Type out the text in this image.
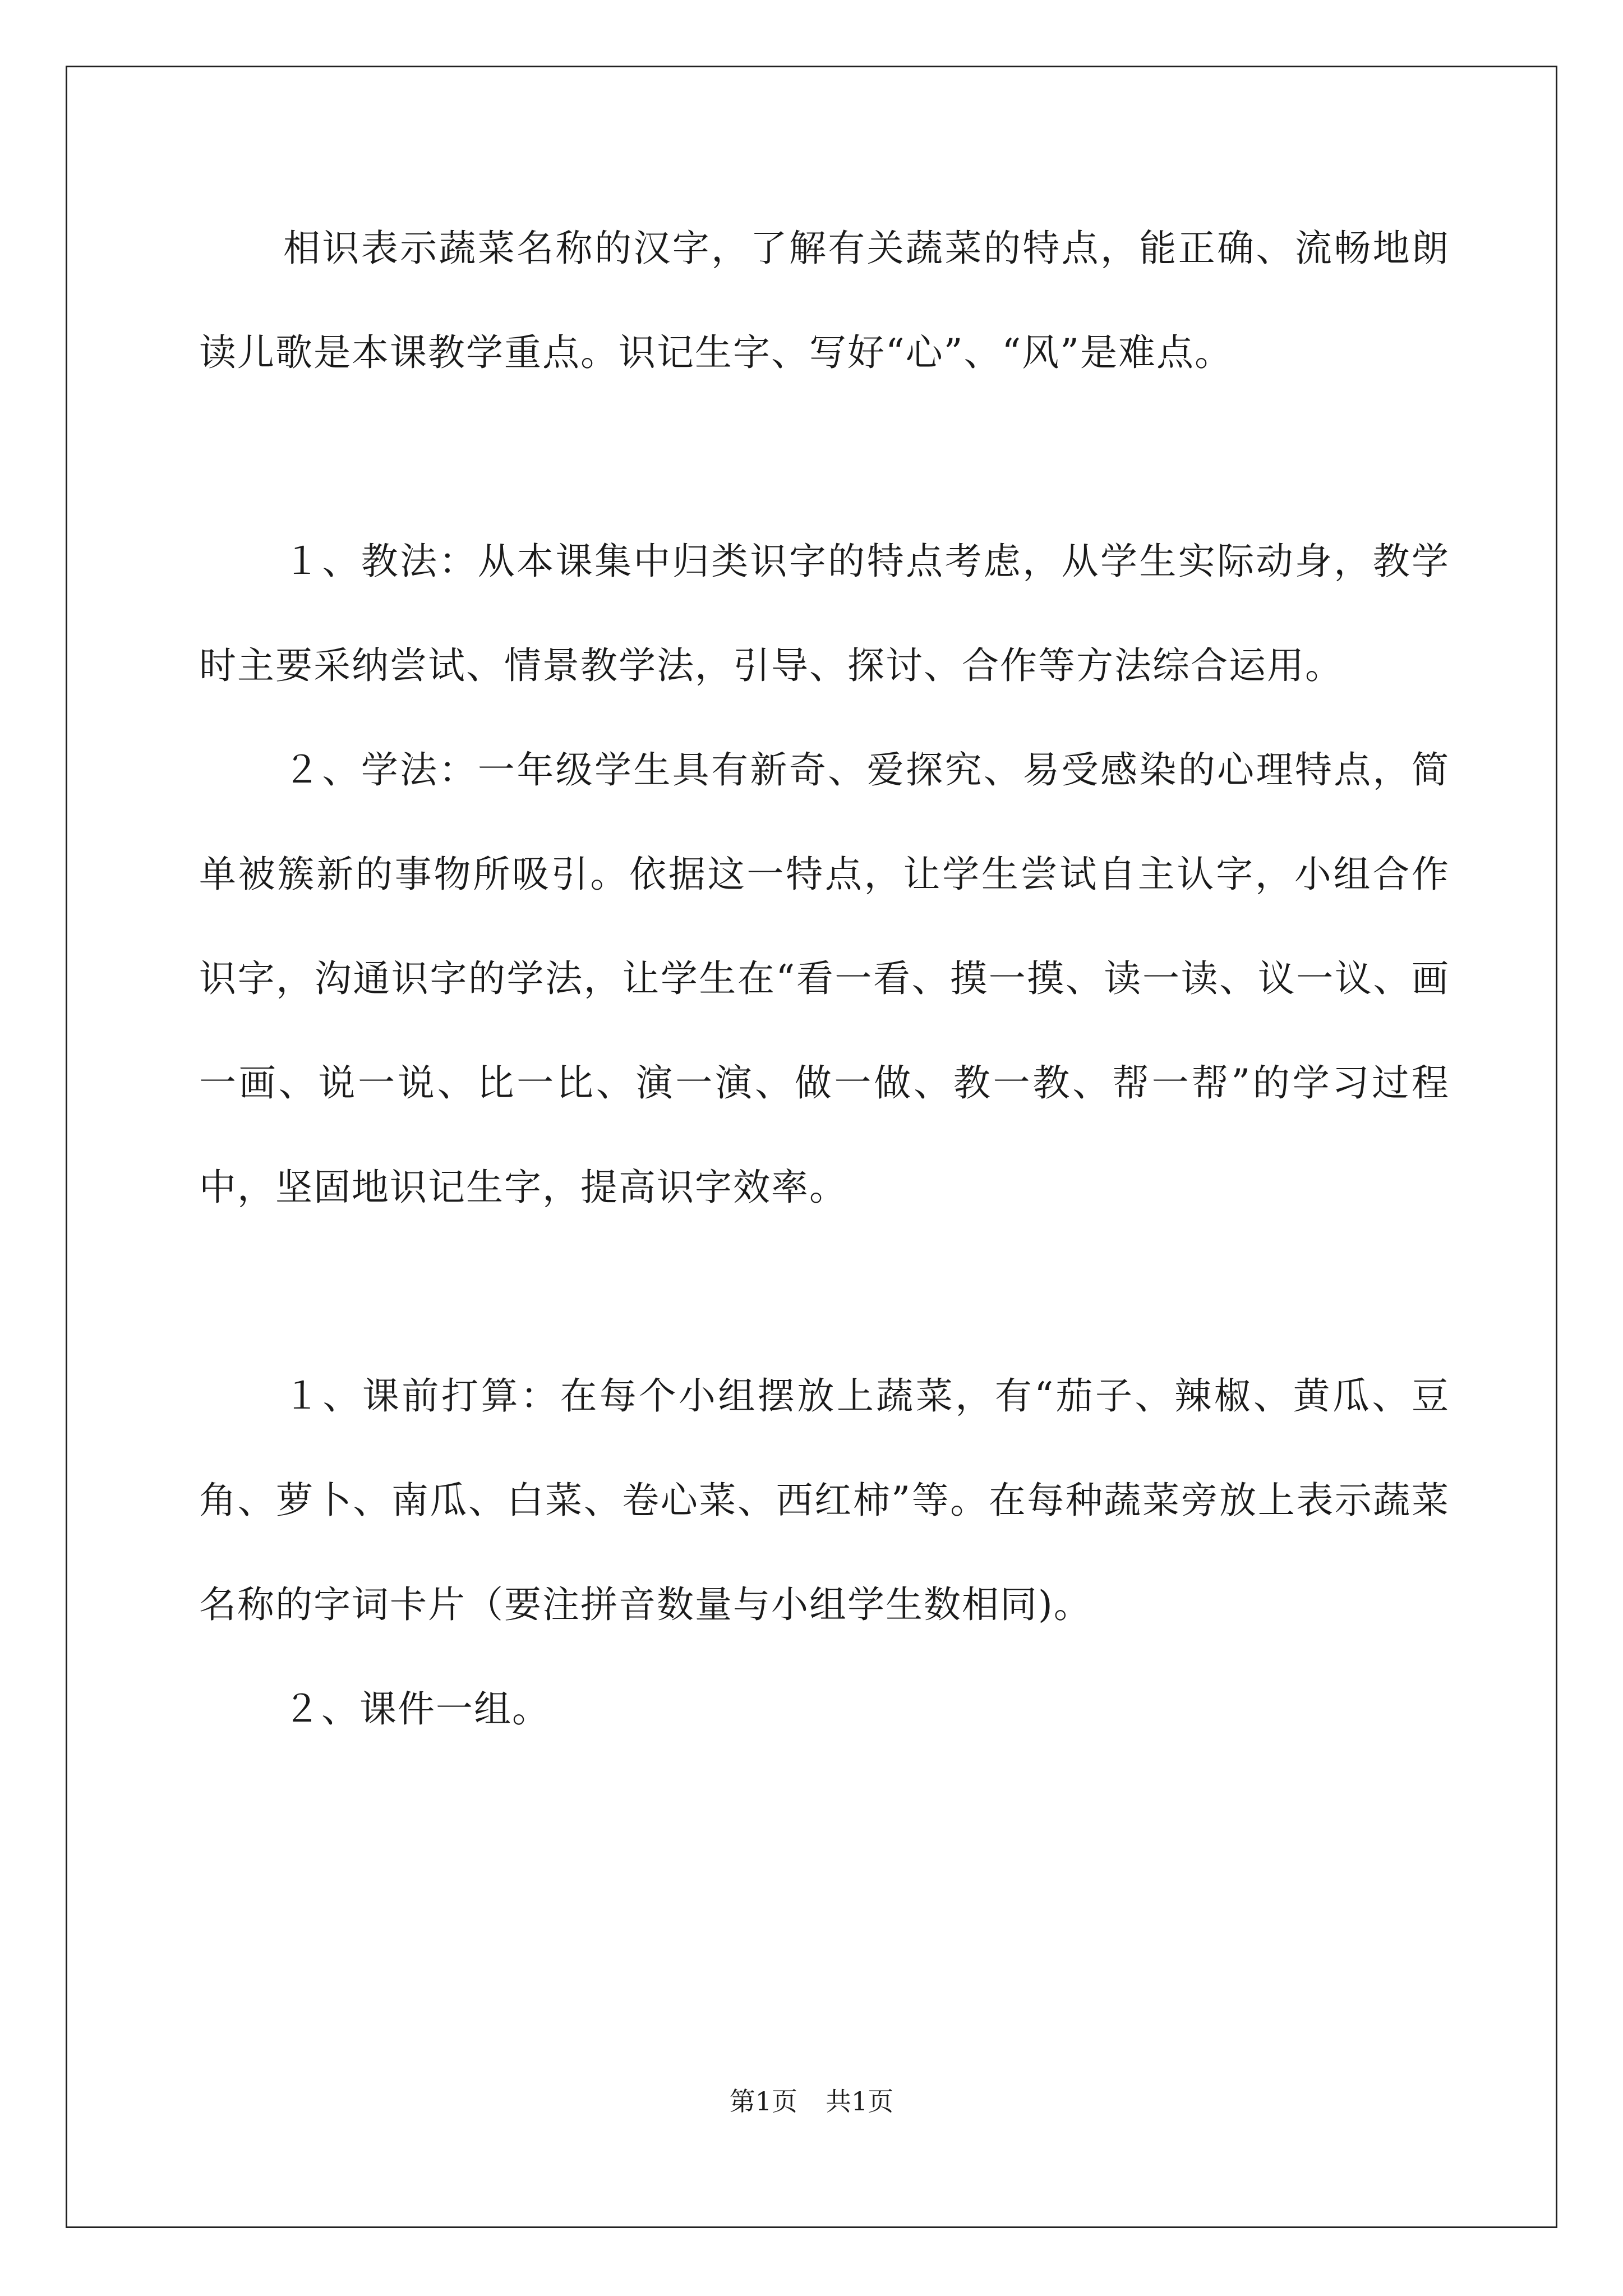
相识表示蔬菜名称的汉字，了解有关蔬菜的特点，能正确、流畅地朗读儿歌是本课教学重点。识记生字、写好“心”、“风”是难点。

１、教法：从本课集中归类识字的特点考虑，从学生实际动身，教学时主要采纳尝试、情景教学法，引导、探讨、合作等方法综合运用。

２、学法：一年级学生具有新奇、爱探究、易受感染的心理特点，简单被簇新的事物所吸引。依据这一特点，让学生尝试自主认字，小组合作识字，沟通识字的学法，让学生在“看一看、摸一摸、读一读、议一议、画一画、说一说、比一比、演一演、做一做、教一教、帮一帮”的学习过程中，坚固地识记生字，提高识字效率。

１、课前打算：在每个小组摆放上蔬菜，有“茄子、辣椒、黄瓜、豆角、萝卜、南瓜、白菜、卷心菜、西红柿”等。在每种蔬菜旁放上表示蔬菜名称的字词卡片（要注拼音数量与小组学生数相同)。

２、课件一组。

第1页 共1页
